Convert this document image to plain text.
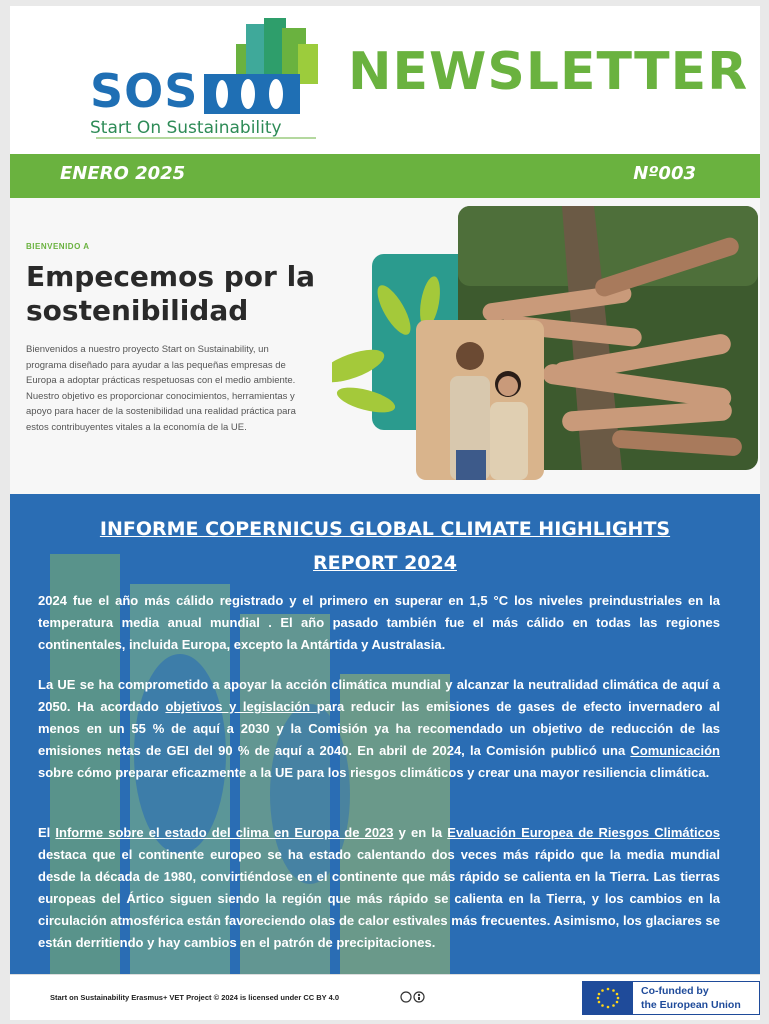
SOS
Start On Sustainability
NEWSLETTER
ENERO 2025	Nº003
BIENVENIDO A
Empecemos por la sostenibilidad
Bienvenidos a nuestro proyecto Start on Sustainability, un programa diseñado para ayudar a las pequeñas empresas de Europa a adoptar prácticas respetuosas con el medio ambiente. Nuestro objetivo es proporcionar conocimientos, herramientas y apoyo para hacer de la sostenibilidad una realidad práctica para estos contribuyentes vitales a la economía de la UE.
INFORME COPERNICUS GLOBAL CLIMATE HIGHLIGHTS
REPORT 2024
2024 fue el año más cálido registrado y el primero en superar en 1,5 °C los niveles preindustriales en la temperatura media anual mundial . El año pasado también fue el más cálido en todas las regiones continentales, incluida Europa, excepto la Antártida y Australasia.
La UE se ha comprometido a apoyar la acción climática mundial y alcanzar la neutralidad climática de aquí a 2050. Ha acordado objetivos y legislación para reducir las emisiones de gases de efecto invernadero al menos en un 55 % de aquí a 2030 y la Comisión ya ha recomendado un objetivo de reducción de las emisiones netas de GEI del 90 % de aquí a 2040. En abril de 2024, la Comisión publicó una Comunicación sobre cómo preparar eficazmente a la UE para los riesgos climáticos y crear una mayor resiliencia climática.
El Informe sobre el estado del clima en Europa de 2023 y en la Evaluación Europea de Riesgos Climáticos destaca que el continente europeo se ha estado calentando dos veces más rápido que la media mundial desde la década de 1980, convirtiéndose en el continente que más rápido se calienta en la Tierra. Las tierras europeas del Ártico siguen siendo la región que más rápido se calienta en la Tierra, y los cambios en la circulación atmosférica están favoreciendo olas de calor estivales más frecuentes. Asimismo, los glaciares se están derritiendo y hay cambios en el patrón de precipitaciones.
Start on Sustainability Erasmus+ VET Project © 2024 is licensed under CC BY 4.0
Co-funded by
the European Union
